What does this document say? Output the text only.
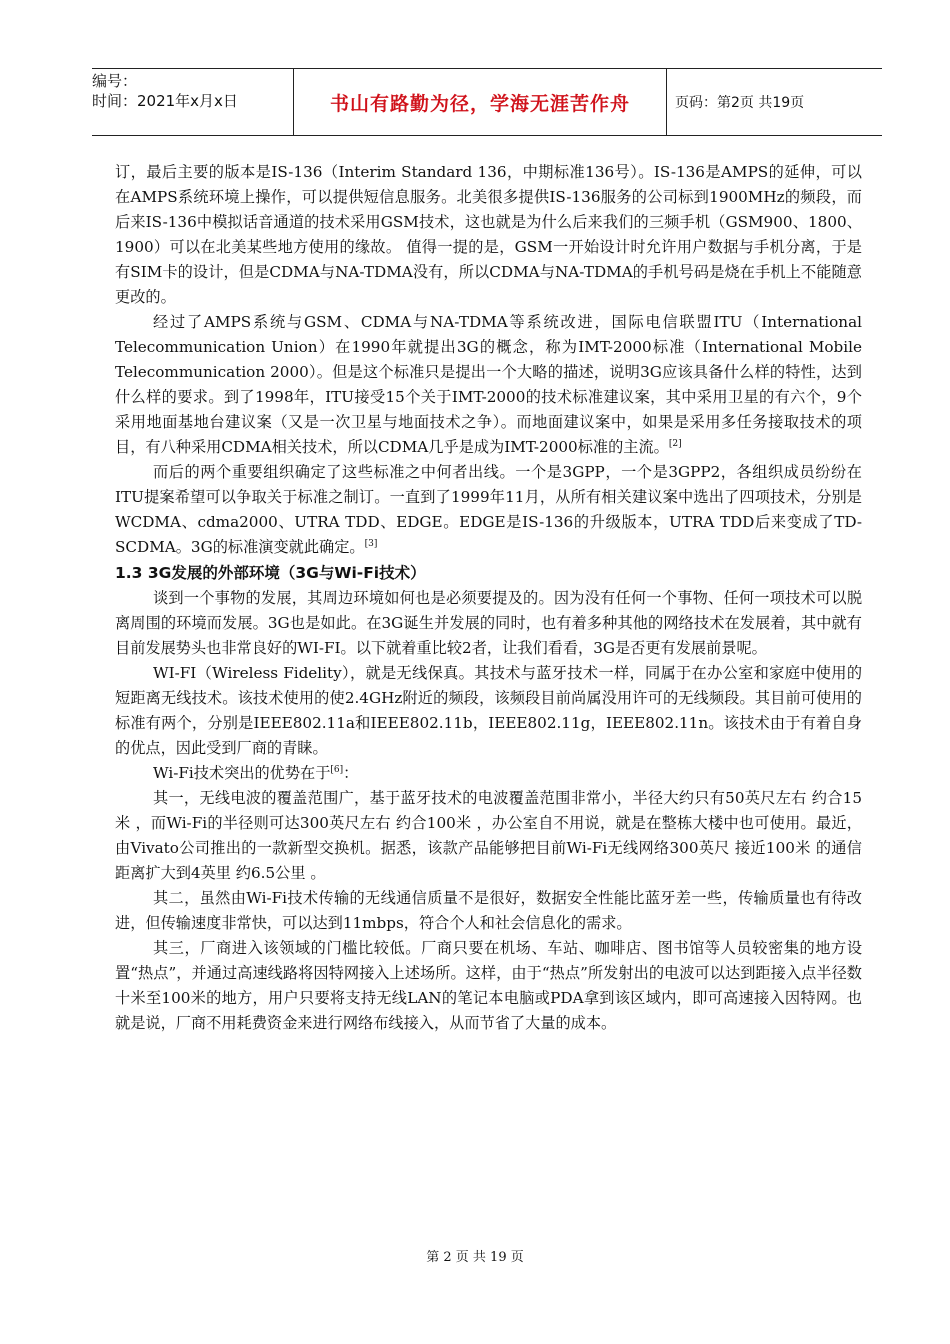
编号：
时间：2021年x月x日	书山有路勤为径，学海无涯苦作舟	页码：第2页 共19页

订，最后主要的版本是IS-136（Interim Standard 136，中期标准136号）。IS-136是AMPS的延伸，可以在AMPS系统环境上操作，可以提供短信息服务。北美很多提供IS-136服务的公司标到1900MHz的频段，而后来IS-136中模拟话音通道的技术采用GSM技术，这也就是为什么后来我们的三频手机（GSM900、1800、1900）可以在北美某些地方使用的缘故。 值得一提的是，GSM一开始设计时允许用户数据与手机分离，于是有SIM卡的设计，但是CDMA与NA-TDMA没有，所以CDMA与NA-TDMA的手机号码是烧在手机上不能随意更改的。

经过了AMPS系统与GSM、CDMA与NA-TDMA等系统改进，国际电信联盟ITU（International Telecommunication Union）在1990年就提出3G的概念，称为IMT-2000标准（International Mobile Telecommunication 2000）。但是这个标准只是提出一个大略的描述，说明3G应该具备什么样的特性，达到什么样的要求。到了1998年，ITU接受15个关于IMT-2000的技术标准建议案，其中采用卫星的有六个，9个采用地面基地台建议案（又是一次卫星与地面技术之争）。而地面建议案中，如果是采用多任务接取技术的项目，有八种采用CDMA相关技术，所以CDMA几乎是成为IMT-2000标准的主流。[2]

而后的两个重要组织确定了这些标准之中何者出线。一个是3GPP，一个是3GPP2，各组织成员纷纷在ITU提案希望可以争取关于标准之制订。一直到了1999年11月，从所有相关建议案中选出了四项技术，分别是WCDMA、cdma2000、UTRA TDD、EDGE。EDGE是IS-136的升级版本，UTRA TDD后来变成了TD-SCDMA。3G的标准演变就此确定。[3]

1.3 3G发展的外部环境（3G与Wi-Fi技术）

谈到一个事物的发展，其周边环境如何也是必须要提及的。因为没有任何一个事物、任何一项技术可以脱离周围的环境而发展。3G也是如此。在3G诞生并发展的同时，也有着多种其他的网络技术在发展着，其中就有目前发展势头也非常良好的WI-FI。以下就着重比较2者，让我们看看，3G是否更有发展前景呢。

WI-FI（Wireless Fidelity），就是无线保真。其技术与蓝牙技术一样，同属于在办公室和家庭中使用的短距离无线技术。该技术使用的使2.4GHz附近的频段，该频段目前尚属没用许可的无线频段。其目前可使用的标准有两个，分别是IEEE802.11a和IEEE802.11b，IEEE802.11g，IEEE802.11n。该技术由于有着自身的优点，因此受到厂商的青睐。

Wi-Fi技术突出的优势在于[6]：

其一，无线电波的覆盖范围广，基于蓝牙技术的电波覆盖范围非常小，半径大约只有50英尺左右 约合15米 ，而Wi-Fi的半径则可达300英尺左右 约合100米 ，办公室自不用说，就是在整栋大楼中也可使用。最近，由Vivato公司推出的一款新型交换机。据悉，该款产品能够把目前Wi-Fi无线网络300英尺 接近100米 的通信距离扩大到4英里 约6.5公里 。

其二，虽然由Wi-Fi技术传输的无线通信质量不是很好，数据安全性能比蓝牙差一些，传输质量也有待改进，但传输速度非常快，可以达到11mbps，符合个人和社会信息化的需求。

其三，厂商进入该领域的门槛比较低。厂商只要在机场、车站、咖啡店、图书馆等人员较密集的地方设置“热点”，并通过高速线路将因特网接入上述场所。这样，由于“热点”所发射出的电波可以达到距接入点半径数十米至100米的地方，用户只要将支持无线LAN的笔记本电脑或PDA拿到该区域内，即可高速接入因特网。也就是说，厂商不用耗费资金来进行网络布线接入，从而节省了大量的成本。

第 2 页 共 19 页
